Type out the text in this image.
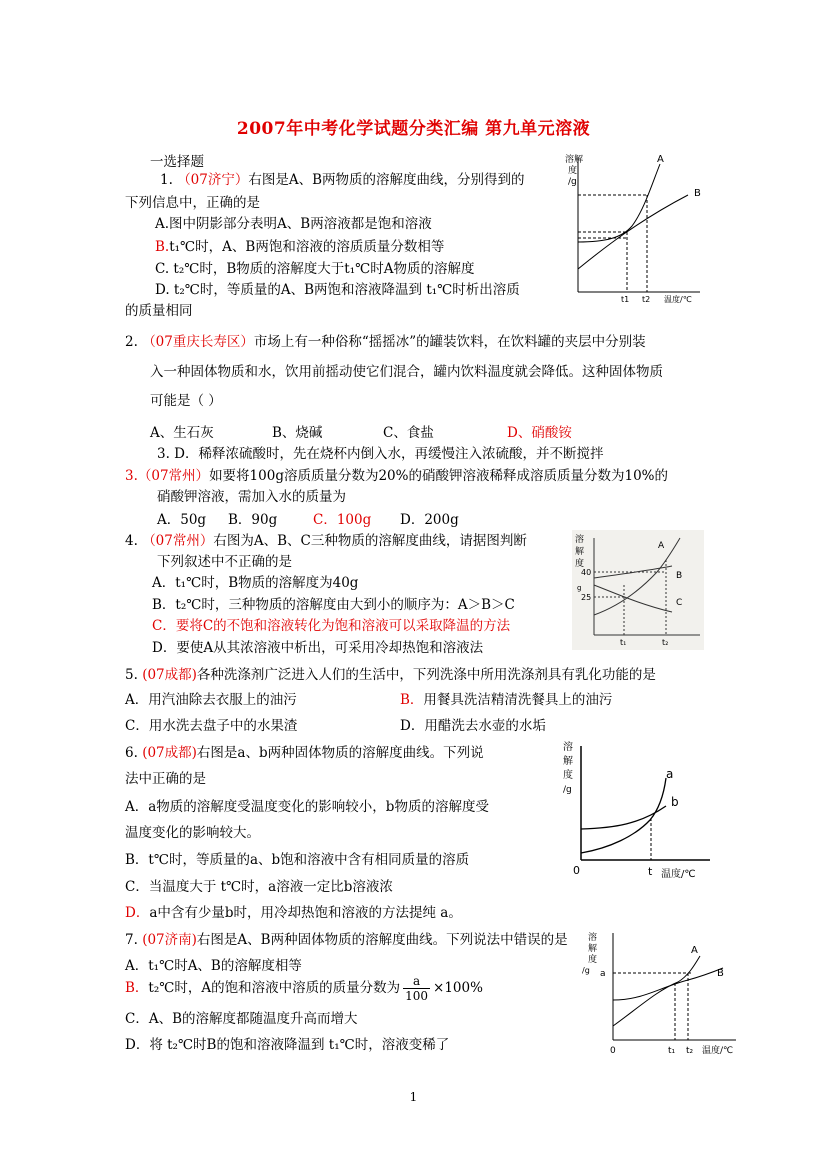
2007年中考化学试题分类汇编 第九单元溶液
一选择题
1. （07济宁）右图是A、B两物质的溶解度曲线，分别得到的
下列信息中，正确的是
A.图中阴影部分表明A、B两溶液都是饱和溶液
B.t₁℃时，A、B两饱和溶液的溶质质量分数相等
C. t₂℃时，B物质的溶解度大于t₁℃时A物质的溶解度
D. t₂℃时，等质量的A、B两饱和溶液降温到 t₁℃时析出溶质
的质量相同
溶解
度
/g
A
B
t1 t2 温度/℃
2. （07重庆长寿区）市场上有一种俗称“摇摇冰”的罐装饮料，在饮料罐的夹层中分别装
入一种固体物质和水，饮用前摇动使它们混合，罐内饮料温度就会降低。这种固体物质
可能是（ ）
A、生石灰	B、烧碱	C、食盐	D、硝酸铵
3. D．稀释浓硫酸时，先在烧杯内倒入水，再缓慢注入浓硫酸，并不断搅拌
3.（07常州）如要将100g溶质质量分数为20%的硝酸钾溶液稀释成溶质质量分数为10%的
硝酸钾溶液，需加入水的质量为
A．50g B．90g	C．100g D．200g
4. （07常州）右图为A、B、C三种物质的溶解度曲线，请据图判断
下列叙述中不正确的是
A．t₁℃时，B物质的溶解度为40g
B．t₂℃时，三种物质的溶解度由大到小的顺序为：A＞B＞C
C．要将C的不饱和溶液转化为饱和溶液可以采取降温的方法
D．要使A从其浓溶液中析出，可采用冷却热饱和溶液法
溶
解
度
g
40
25
A
B
C
t₁	t₂
5. (07成都)各种洗涤剂广泛进入人们的生活中，下列洗涤中所用洗涤剂具有乳化功能的是
A．用汽油除去衣服上的油污	B．用餐具洗洁精清洗餐具上的油污
C．用水洗去盘子中的水果渣	D．用醋洗去水壶的水垢
6. (07成都)右图是a、b两种固体物质的溶解度曲线。下列说
法中正确的是
A．a物质的溶解度受温度变化的影响较小，b物质的溶解度受
温度变化的影响较大。
B．t℃时，等质量的a、b饱和溶液中含有相同质量的溶质
C．当温度大于 t℃时，a溶液一定比b溶液浓
D．a中含有少量b时，用冷却热饱和溶液的方法提纯 a。
溶
解
度
/g
0
a
b
t 温度/℃
7. (07济南)右图是A、B两种固体物质的溶解度曲线。下列说法中错误的是
A．t₁℃时A、B的溶解度相等
B．t₂℃时，A的饱和溶液中溶质的质量分数为 $\frac{a}{100} \times 100\%$
C．A、B的溶解度都随温度升高而增大
D．将 t₂℃时B的饱和溶液降温到 t₁℃时，溶液变稀了
溶
解
度
/g a
A
B
0	t₁ t₂ 温度/℃
1
